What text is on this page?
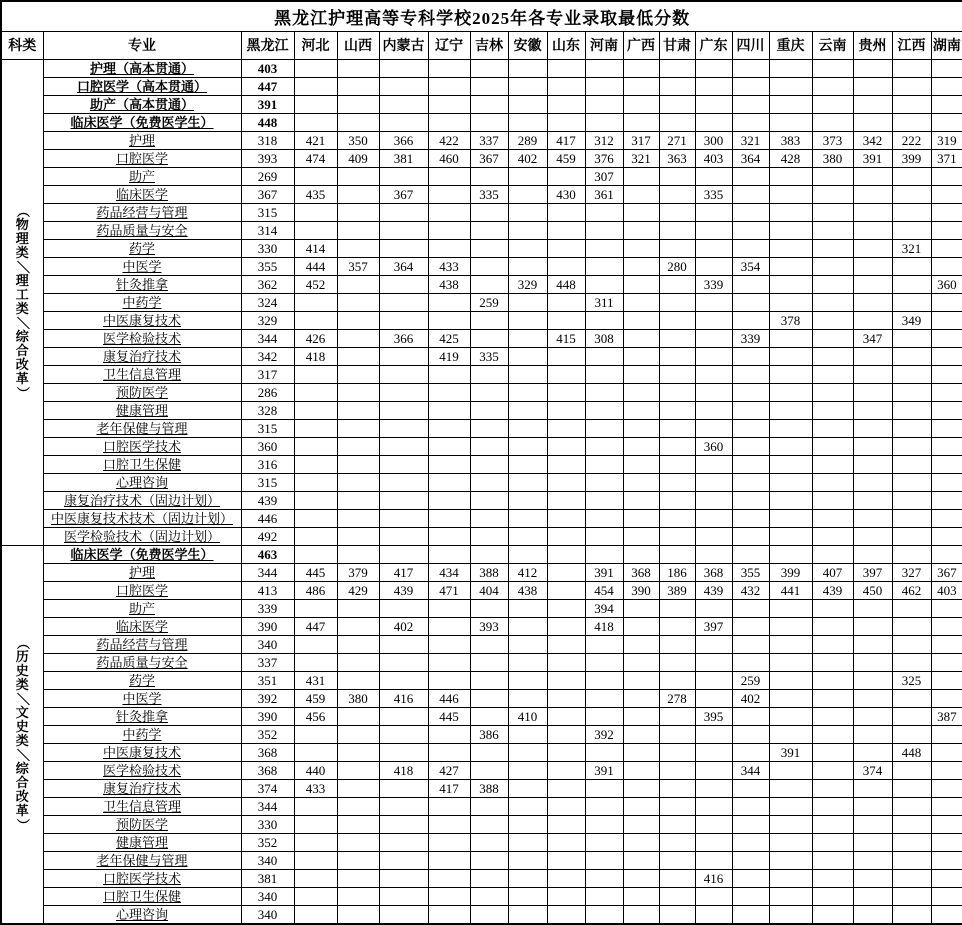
黑龙江护理高等专科学校2025年各专业录取最低分数																			
科类	专业	黑龙江	河北	山西	内蒙古	辽宁	吉林	安徽	山东	河南	广西	甘肃	广东	四川	重庆	云南	贵州	江西	湖南

（
物
理
类
／
理
工
类
／
综
合
改
革
）
	护理（高本贯通）	403																	
	口腔医学（高本贯通）	447																	
	助产（高本贯通）	391																	
	临床医学（免费医学生）	448																	
	护理	318	421	350	366	422	337	289	417	312	317	271	300	321	383	373	342	222	319
	口腔医学	393	474	409	381	460	367	402	459	376	321	363	403	364	428	380	391	399	371
	助产	269								307									
	临床医学	367	435		367		335		430	361			335						
	药品经营与管理	315																	
	药品质量与安全	314																	
	药学	330	414															321	
	中医学	355	444	357	364	433						280		354					
	针灸推拿	362	452			438		329	448				339						360
	中药学	324					259			311									
	中医康复技术	329													378			349	
	医学检验技术	344	426		366	425			415	308				339			347		
	康复治疗技术	342	418			419	335												
	卫生信息管理	317																	
	预防医学	286																	
	健康管理	328																	
	老年保健与管理	315																	
	口腔医学技术	360											360						
	口腔卫生保健	316																	
	心理咨询	315																	
	康复治疗技术（固边计划）	439																	
	中医康复技术技术（固边计划）	446																	
	医学检验技术（固边计划）	492																	

（
历
史
类
／
文
史
类
／
综
合
改
革
）
	临床医学（免费医学生）	463																	
	护理	344	445	379	417	434	388	412		391	368	186	368	355	399	407	397	327	367
	口腔医学	413	486	429	439	471	404	438		454	390	389	439	432	441	439	450	462	403
	助产	339								394									
	临床医学	390	447		402		393			418			397						
	药品经营与管理	340																	
	药品质量与安全	337																	
	药学	351	431											259				325	
	中医学	392	459	380	416	446						278		402					
	针灸推拿	390	456			445		410					395						387
	中药学	352					386			392									
	中医康复技术	368													391			448	
	医学检验技术	368	440		418	427				391				344			374		
	康复治疗技术	374	433			417	388												
	卫生信息管理	344																	
	预防医学	330																	
	健康管理	352																	
	老年保健与管理	340																	
	口腔医学技术	381											416						
	口腔卫生保健	340																	
	心理咨询	340																	
